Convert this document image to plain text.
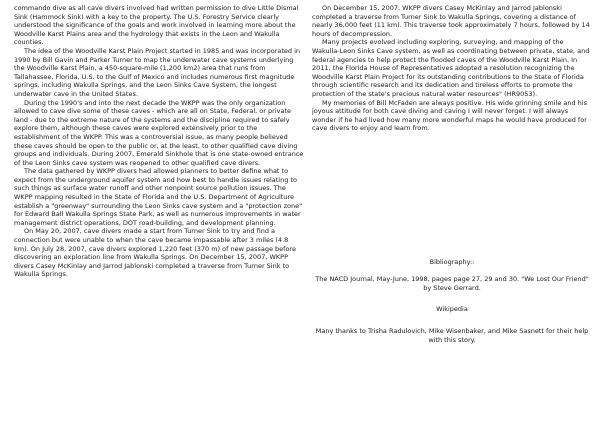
commando dive as all cave divers involved had written permission to dive Little Dismal Sink (Hammock Sink) with a key to the property. The U.S. Forestry Service clearly understood the significance of the goals and work involved in learning more about the Woodville Karst Plains area and the hydrology that exists in the Leon and Wakulla counties.

The idea of the Woodville Karst Plain Project started in 1985 and was incorporated in 1990 by Bill Gavin and Parker Turner to map the underwater cave systems underlying the Woodville Karst Plain, a 450-square-mile (1,200 km2) area that runs from Tallahassee, Florida, U.S. to the Gulf of Mexico and includes numerous first magnitude springs, including Wakulla Springs, and the Leon Sinks Cave System, the longest underwater cave in the United States.

During the 1990's and into the next decade the WKPP was the only organization allowed to cave dive some of these caves - which are all on State, Federal, or private land - due to the extreme nature of the systems and the discipline required to safely explore them, although these caves were explored extensively prior to the establishment of the WKPP. This was a controversial issue, as many people believed these caves should be open to the public or, at the least, to other qualified cave diving groups and individuals. During 2007, Emerald Sinkhole that is one state-owned entrance of the Leon Sinks cave system was reopened to other qualified cave divers.

The data gathered by WKPP divers had allowed planners to better define what to expect from the underground aquifer system and how best to handle issues relating to such things as surface water runoff and other nonpoint source pollution issues. The WKPP mapping resulted in the State of Florida and the U.S. Department of Agriculture establish a "greenway" surrounding the Leon Sinks cave system and a "protection zone" for Edward Ball Wakulla Springs State Park, as well as numerous improvements in water management district operations, DOT road-building, and development planning.

On May 20, 2007, cave divers made a start from Turner Sink to try and find a connection but were unable to when the cave became impassable after 3 miles (4.8 km). On July 28, 2007, cave divers explored 1,220 feet (370 m) of new passage before discovering an exploration line from Wakulla Springs. On December 15, 2007, WKPP divers Casey McKinlay and Jarrod Jablonski completed a traverse from Turner Sink to Wakulla Springs.

On December 15, 2007, WKPP divers Casey McKinlay and Jarrod Jablonski completed a traverse from Turner Sink to Wakulla Springs, covering a distance of nearly 36,000 feet (11 km). This traverse took approximately 7 hours, followed by 14 hours of decompression.

Many projects evolved including exploring, surveying, and mapping of the Wakulla-Leon Sinks Cave system, as well as coordinating between private, state, and federal agencies to help protect the flooded caves of the Woodville Karst Plain. In 2011, the Florida House of Representatives adopted a resolution recognizing the Woodville Karst Plain Project for its outstanding contributions to the State of Florida through scientific research and its dedication and tireless efforts to promote the protection of the state's precious natural water resources" (HR9053).

My memories of Bill McFaden are always positive. His wide grinning smile and his joyous attitude for both cave diving and caving I will never forget. I will always wonder if he had lived how many more wonderful maps he would have produced for cave divers to enjoy and learn from.

Bibliography::

The NACD Journal, May-June, 1998, pages page 27, 29 and 30. "We Lost Our Friend" by Steve Gerrard.

Wikipedia

Many thanks to Trisha Radulovich, Mike Wisenbaker, and Mike Sasnett for their help with this story.
